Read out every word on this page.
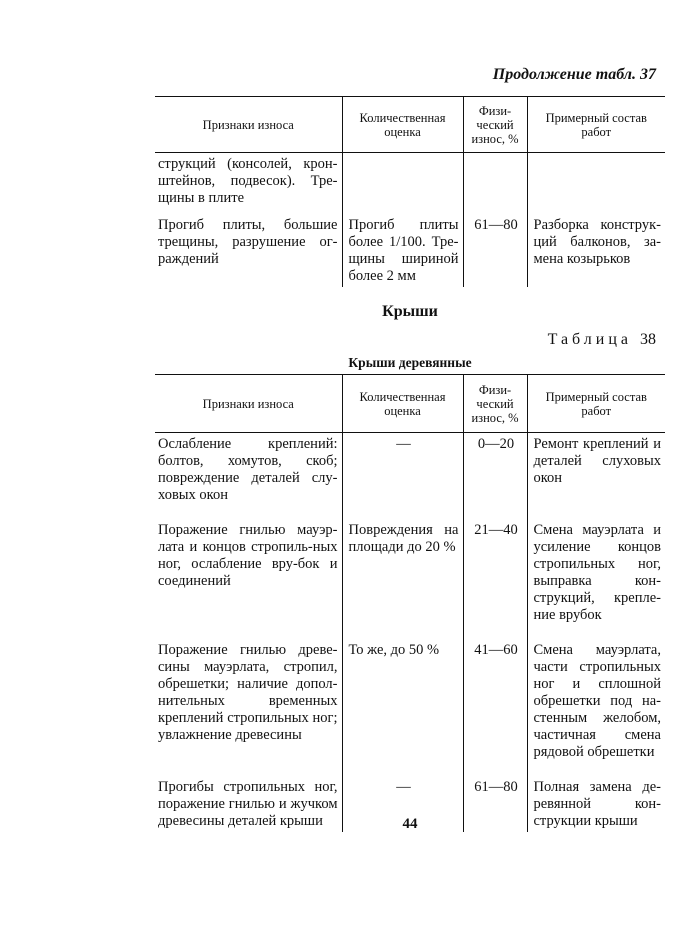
Продолжение табл. 37
Признаки износа	Количественная оценка	Физи-ческий износ, %	Примерный состав работ
струкций (консолей, крон-штейнов, подвесок). Тре-щины в плите			
Прогиб плиты, большие трещины, разрушение ог-раждений	Прогиб плиты более 1/100. Тре-щины шириной более 2 мм	61—80	Разборка конструк-ций балконов, за-мена козырьков
Крыши
Таблица 38
Крыши деревянные
Признаки износа	Количественная оценка	Физи-ческий износ, %	Примерный состав работ
Ослабление креплений: болтов, хомутов, скоб; повреждение деталей слу-ховых окон	—	0—20	Ремонт креплений и деталей слуховых окон
Поражение гнилью мауэр-лата и концов стропиль-ных ног, ослабление вру-бок и соединений	Повреждения на площади до 20 %	21—40	Смена мауэрлата и усиление концов стропильных ног, выправка кон-струкций, крепле-ние врубок
Поражение гнилью древе-сины мауэрлата, стропил, обрешетки; наличие допол-нительных временных креплений стропильных ног; увлажнение древесины	То же, до 50 %	41—60	Смена мауэрлата, части стропильных ног и сплошной обрешетки под на-стенным желобом, частичная смена рядовой обрешетки
Прогибы стропильных ног, поражение гнилью и жучком древесины деталей крыши	—	61—80	Полная замена де-ревянной кон-струкции крыши
44
